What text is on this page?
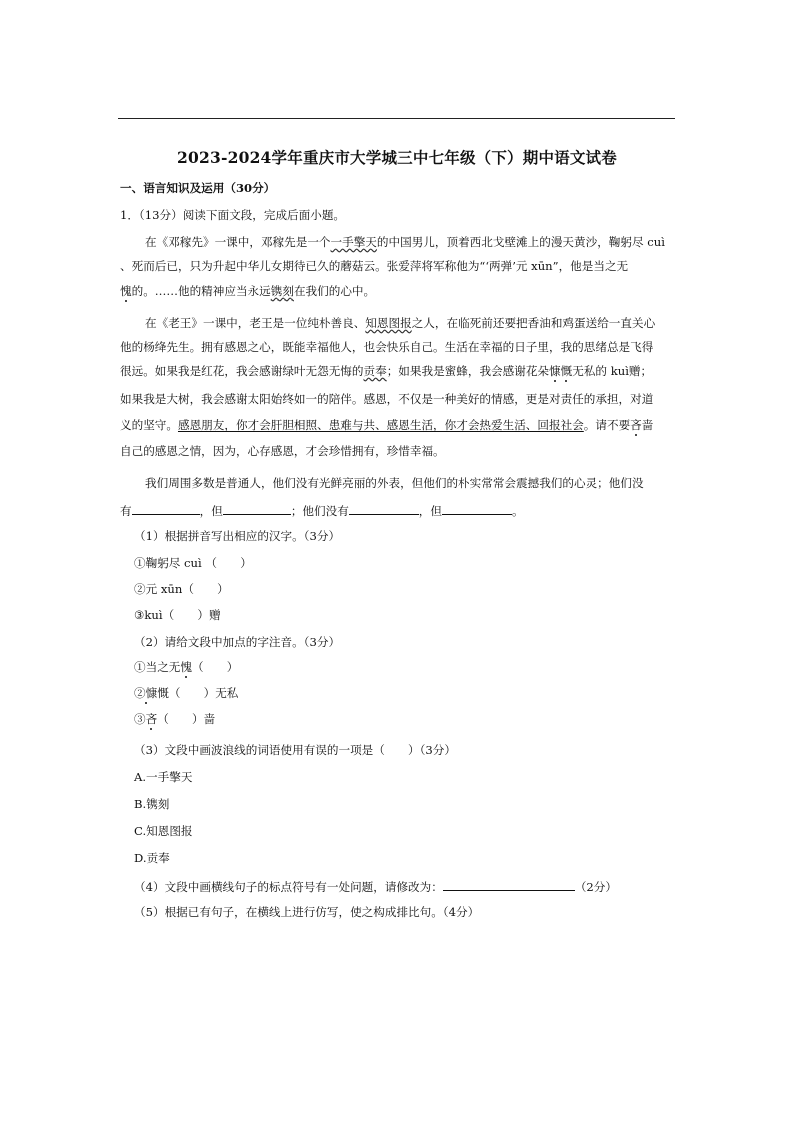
2023-2024学年重庆市大学城三中七年级（下）期中语文试卷
一、语言知识及运用（30分）
1．（13分）阅读下面文段，完成后面小题。
在《邓稼先》一课中，邓稼先是一个一手擎天的中国男儿，顶着西北戈壁滩上的漫天黄沙，鞠躬尽 cuì
、死而后已，只为升起中华儿女期待已久的蘑菇云。张爱萍将军称他为“‘两弹’元 xūn”，他是当之无
愧的。……他的精神应当永远镌刻在我们的心中。
在《老王》一课中，老王是一位纯朴善良、知恩图报之人，在临死前还要把香油和鸡蛋送给一直关心
他的杨绛先生。拥有感恩之心，既能幸福他人，也会快乐自己。生活在幸福的日子里，我的思绪总是飞得
很远。如果我是红花，我会感谢绿叶无怨无悔的贡奉；如果我是蜜蜂，我会感谢花朵慷慨无私的 kuì赠；
如果我是大树，我会感谢太阳始终如一的陪伴。感恩，不仅是一种美好的情感，更是对责任的承担，对道
义的坚守。感恩朋友，你才会肝胆相照、患难与共、感恩生活，你才会热爱生活、回报社会。请不要吝啬
自己的感恩之情，因为，心存感恩，才会珍惜拥有，珍惜幸福。
我们周围多数是普通人，他们没有光鲜亮丽的外表，但他们的朴实常常会震撼我们的心灵；他们没
有	，但	；他们没有	，但	。
（1）根据拼音写出相应的汉字。（3分）
①鞠躬尽 cuì （　　）
②元 xūn（　　）
③kuì（　　）赠
（2）请给文段中加点的字注音。（3分）
①当之无愧（　　）
②慷慨（　　）无私
③吝（　　）啬
（3）文段中画波浪线的词语使用有误的一项是（　　）（3分）
A.一手擎天
B.镌刻
C.知恩图报
D.贡奉
（4）文段中画横线句子的标点符号有一处问题，请修改为：	（2分）
（5）根据已有句子，在横线上进行仿写，使之构成排比句。（4分）
